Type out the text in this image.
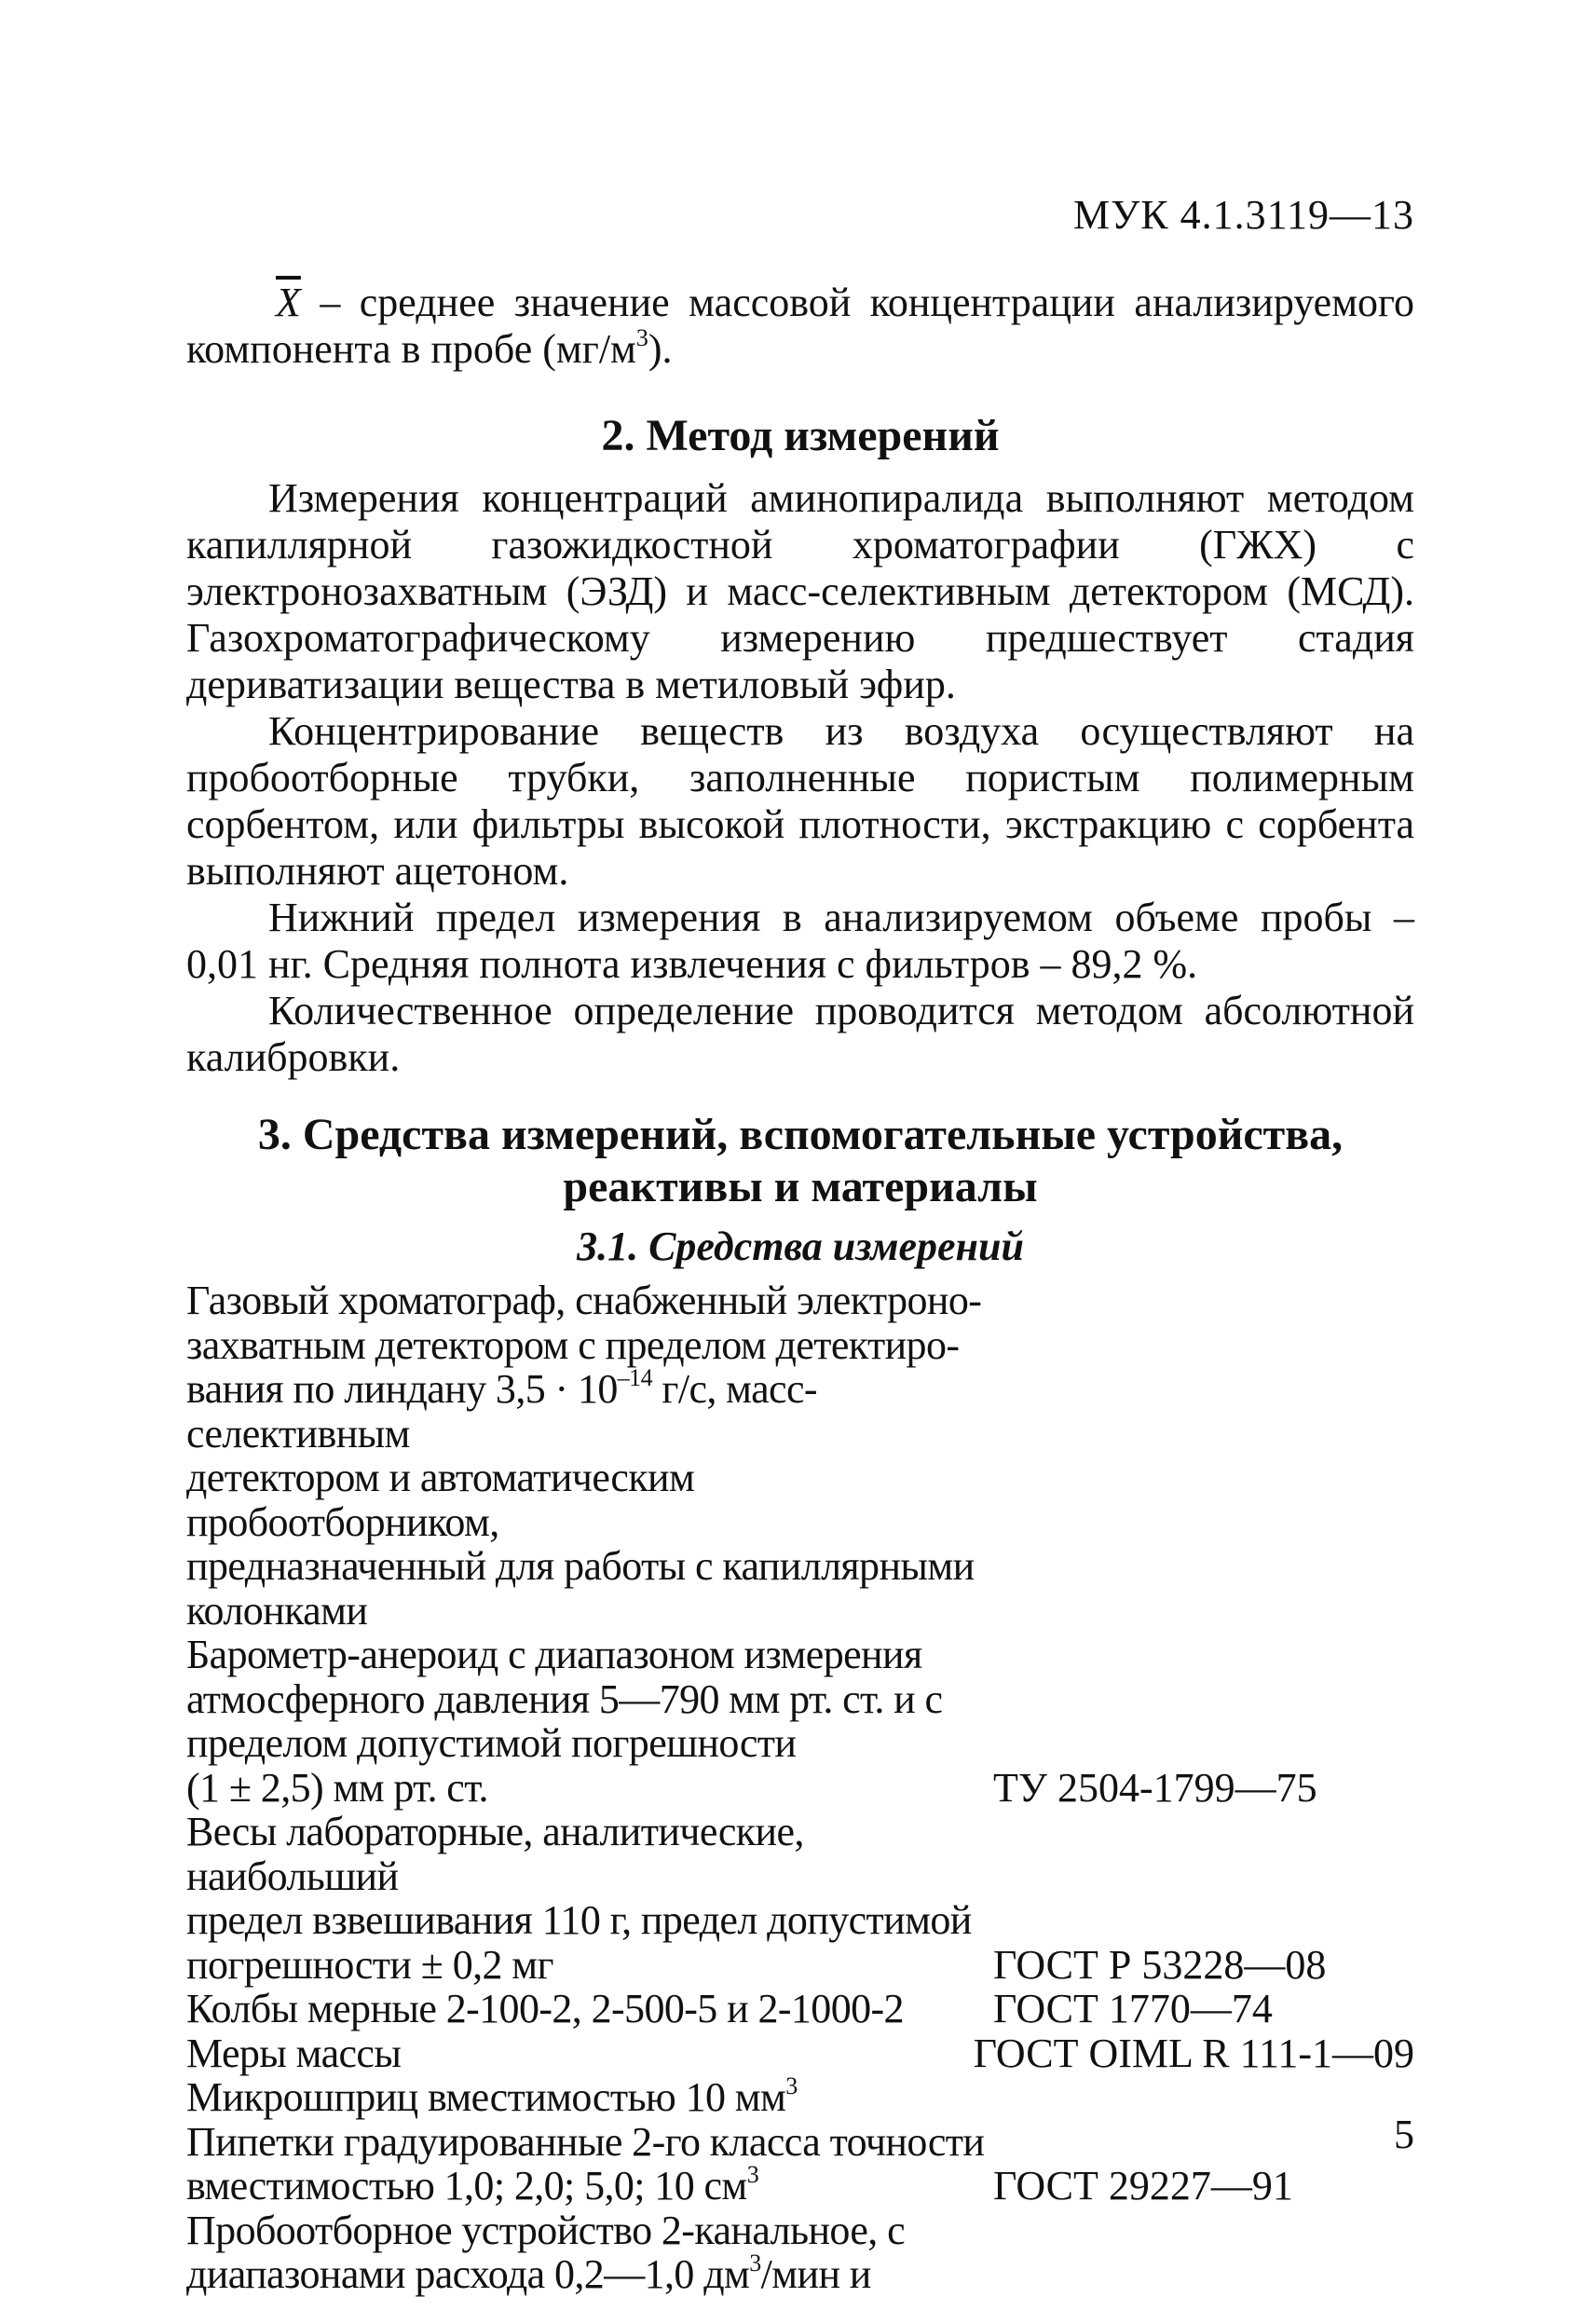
МУК 4.1.3119—13

$\overline{X}$ – среднее значение массовой концентрации анализируемого компонента в пробе $(мг/м^3)$.

2. Метод измерений

Измерения концентраций аминопиралида выполняют методом капиллярной газожидкостной хроматографии (ГЖХ) с электронозахватным (ЭЗД) и масс-селективным детектором (МСД). Газохроматографическому измерению предшествует стадия дериватизации вещества в метиловый эфир.

Концентрирование веществ из воздуха осуществляют на пробоотборные трубки, заполненные пористым полимерным сорбентом, или фильтры высокой плотности, экстракцию с сорбента выполняют ацетоном.

Нижний предел измерения в анализируемом объеме пробы – 0,01 нг. Средняя полнота извлечения с фильтров – 89,2 %.

Количественное определение проводится методом абсолютной калибровки.

3. Средства измерений, вспомогательные устройства,
реактивы и материалы
3.1. Средства измерений
Газовый хроматограф, снабженный электроно-
захватным детектором с пределом детектиро-
вания по линдану $3,5 \cdot 10^{-14}$ г/с, масс-селективным
детектором и автоматическим пробоотборником,
предназначенный для работы с капиллярными
колонками
Барометр-анероид с диапазоном измерения
атмосферного давления 5—790 мм рт. ст. и с
пределом допустимой погрешности
(1 ± 2,5) мм рт. ст.	ТУ 2504-1799—75
Весы лабораторные, аналитические, наибольший
предел взвешивания 110 г, предел допустимой
погрешности ± 0,2 мг	ГОСТ Р 53228—08
Колбы мерные 2-100-2, 2-500-5 и 2-1000-2	ГОСТ 1770—74
Меры массы	ГОСТ OIML R 111-1—09
Микрошприц вместимостью 10 $мм^3$
Пипетки градуированные 2-го класса точности
вместимостью 1,0; 2,0; 5,0; 10 $см^3$	ГОСТ 29227—91
Пробоотборное устройство 2-канальное, с
диапазонами расхода 0,2—1,0 $дм^3$/мин и
5
